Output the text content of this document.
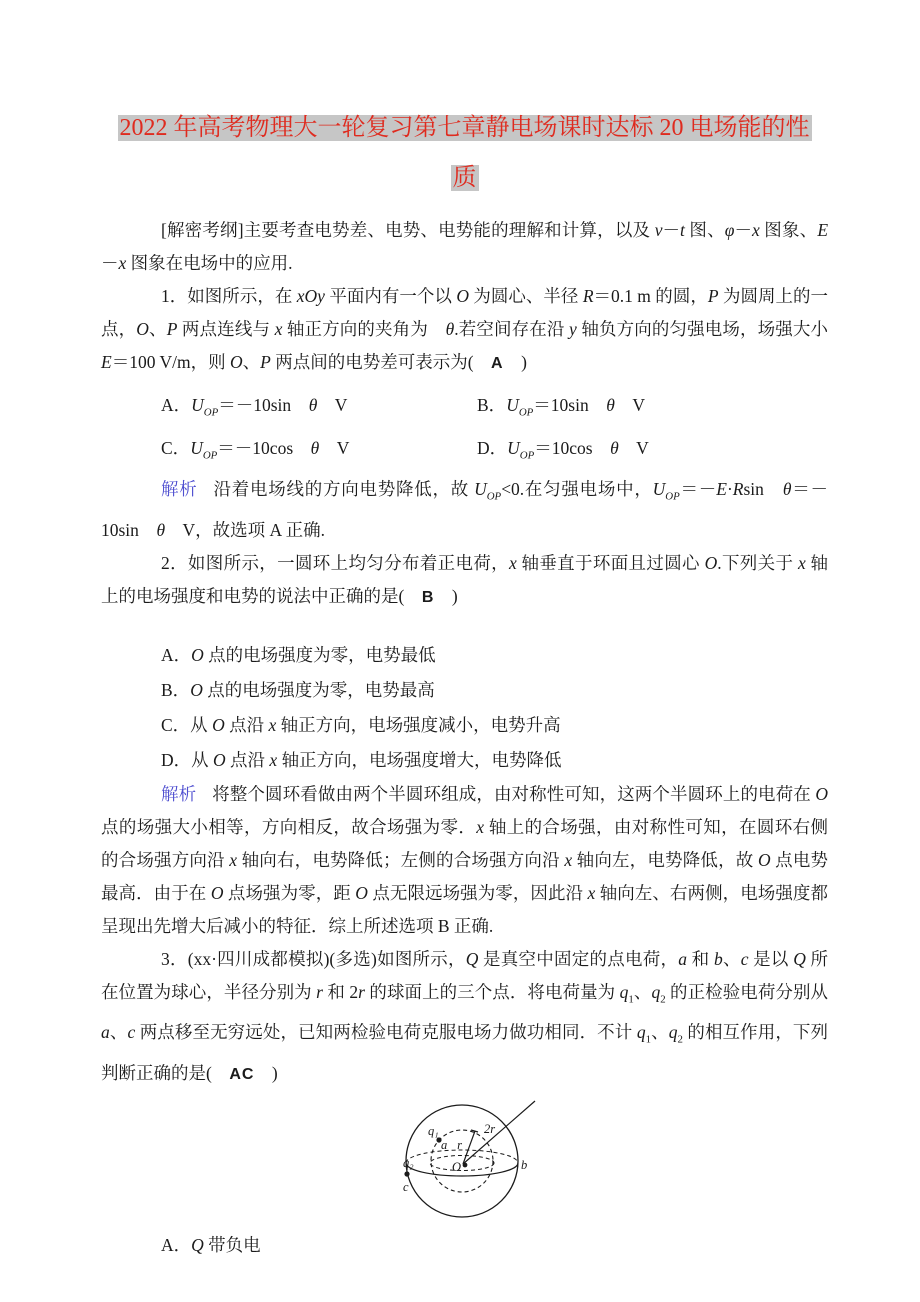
2022 年高考物理大一轮复习第七章静电场课时达标 20 电场能的性
质

[解密考纲]主要考查电势差、电势、电势能的理解和计算，以及 v－t 图、φ－x 图象、E－x 图象在电场中的应用.

1．如图所示，在 xOy 平面内有一个以 O 为圆心、半径 R＝0.1 m 的圆，P 为圆周上的一点，O、P 两点连线与 x 轴正方向的夹角为　θ.若空间存在沿 y 轴负方向的匀强电场，场强大小 E＝100 V/m，则 O、P 两点间的电势差可表示为(　A　)

A．$U_{OP}=-10\sin$　θ　V	B．$U_{OP}=10\sin$　θ　V
C．$U_{OP}=-10\cos$　θ　V	D．$U_{OP}=10\cos$　θ　V

解析 沿着电场线的方向电势降低，故 $U_{OP}<0$.在匀强电场中，$U_{OP}=-E\cdot Rsin$　θ＝－10sin　θ　V，故选项 A 正确.

2．如图所示，一圆环上均匀分布着正电荷，x 轴垂直于环面且过圆心 O.下列关于 x 轴上的电场强度和电势的说法中正确的是(　B　)

A．O 点的电场强度为零，电势最低
B．O 点的电场强度为零，电势最高
C．从 O 点沿 x 轴正方向，电场强度减小，电势升高
D．从 O 点沿 x 轴正方向，电场强度增大，电势降低

解析 将整个圆环看做由两个半圆环组成，由对称性可知，这两个半圆环上的电荷在 O 点的场强大小相等，方向相反，故合场强为零．x 轴上的合场强，由对称性可知，在圆环右侧的合场强方向沿 x 轴向右，电势降低；左侧的合场强方向沿 x 轴向左，电势降低，故 O 点电势最高．由于在 O 点场强为零，距 O 点无限远场强为零，因此沿 x 轴向左、右两侧，电场强度都呈现出先增大后减小的特征．综上所述选项 B 正确.

3．(xx·四川成都模拟)(多选)如图所示，Q 是真空中固定的点电荷，a 和 b、c 是以 Q 所在位置为球心，半径分别为 r 和 2r 的球面上的三个点．将电荷量为 $q_1$、$q_2$ 的正检验电荷分别从 a、c 两点移至无穷远处，已知两检验电荷克服电场力做功相同．不计 $q_1$、$q_2$ 的相互作用，下列判断正确的是(　AC　)

q₁
a
q₂
c
O
r
2r
b

A．Q 带负电
